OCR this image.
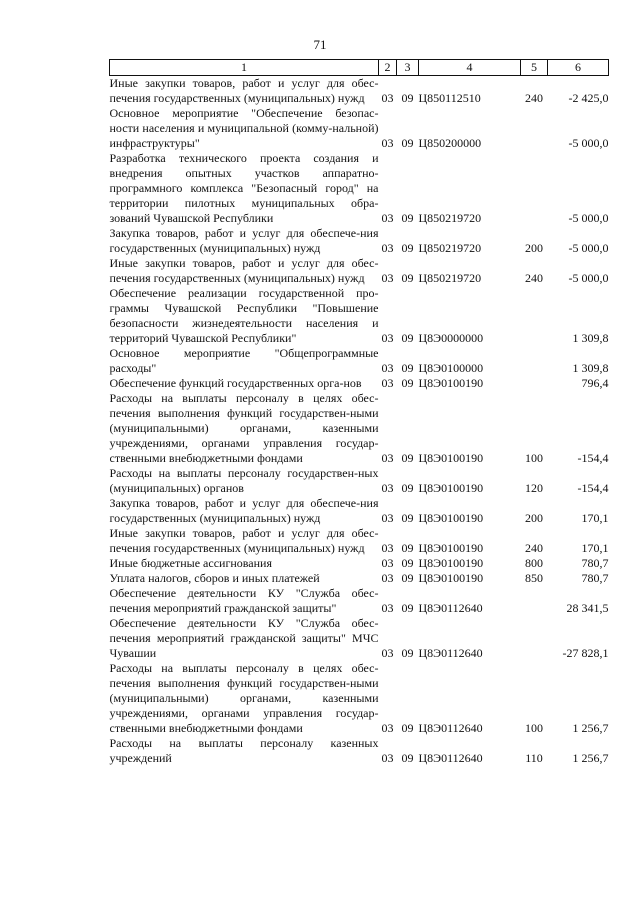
71
1	2	3	4	5	6
Иные закупки товаров, работ и услуг для обес-печения государственных (муниципальных) нужд	03	09	Ц850112510	240	-2 425,0
Основное мероприятие "Обеспечение безопас-ности населения и муниципальной (комму-нальной) инфраструктуры"	03	09	Ц850200000		-5 000,0
Разработка технического проекта создания и внедрения опытных участков аппаратно-программного комплекса "Безопасный город" на территории пилотных муниципальных обра-зований Чувашской Республики	03	09	Ц850219720		-5 000,0
Закупка товаров, работ и услуг для обеспече-ния государственных (муниципальных) нужд	03	09	Ц850219720	200	-5 000,0
Иные закупки товаров, работ и услуг для обес-печения государственных (муниципальных) нужд	03	09	Ц850219720	240	-5 000,0
Обеспечение реализации государственной про-граммы Чувашской Республики "Повышение безопасности жизнедеятельности населения и территорий Чувашской Республики"	03	09	Ц8Э0000000		1 309,8
Основное мероприятие "Общепрограммные расходы"	03	09	Ц8Э0100000		1 309,8
Обеспечение функций государственных орга-нов	03	09	Ц8Э0100190		796,4
Расходы на выплаты персоналу в целях обес-печения выполнения функций государствен-ными (муниципальными) органами, казенными учреждениями, органами управления государ-ственными внебюджетными фондами	03	09	Ц8Э0100190	100	-154,4
Расходы на выплаты персоналу государствен-ных (муниципальных) органов	03	09	Ц8Э0100190	120	-154,4
Закупка товаров, работ и услуг для обеспече-ния государственных (муниципальных) нужд	03	09	Ц8Э0100190	200	170,1
Иные закупки товаров, работ и услуг для обес-печения государственных (муниципальных) нужд	03	09	Ц8Э0100190	240	170,1
Иные бюджетные ассигнования	03	09	Ц8Э0100190	800	780,7
Уплата налогов, сборов и иных платежей	03	09	Ц8Э0100190	850	780,7
Обеспечение деятельности КУ "Служба обес-печения мероприятий гражданской защиты"	03	09	Ц8Э0112640		28 341,5
Обеспечение деятельности КУ "Служба обес-печения мероприятий гражданской защиты" МЧС Чувашии	03	09	Ц8Э0112640		-27 828,1
Расходы на выплаты персоналу в целях обес-печения выполнения функций государствен-ными (муниципальными) органами, казенными учреждениями, органами управления государ-ственными внебюджетными фондами	03	09	Ц8Э0112640	100	1 256,7
Расходы на выплаты персоналу казенных учреждений	03	09	Ц8Э0112640	110	1 256,7
